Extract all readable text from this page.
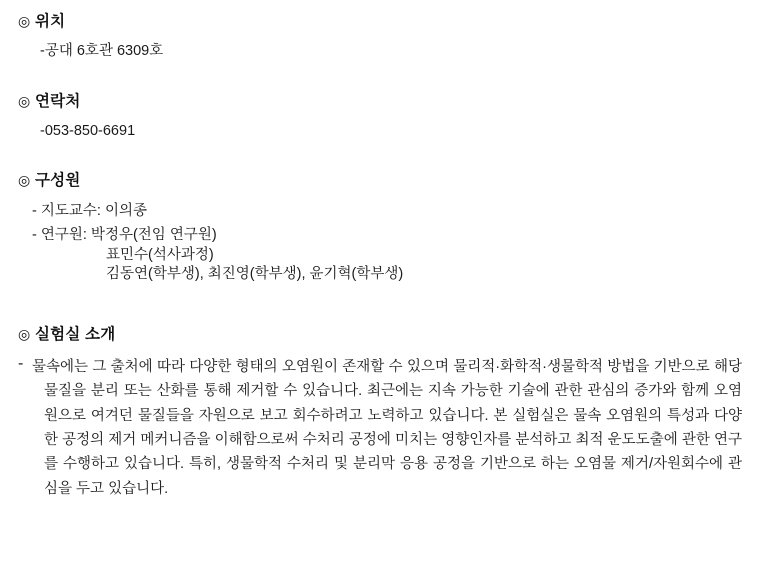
◎ 위치
-공대 6호관 6309호
◎ 연락처
-053-850-6691
◎ 구성원
- 지도교수: 이의종
- 연구원: 박정우(전임 연구원)
표민수(석사과정)
김동연(학부생), 최진영(학부생), 윤기혁(학부생)
◎ 실험실 소개
- 물속에는 그 출처에 따라 다양한 형태의 오염원이 존재할 수 있으며 물리적·화학적·생물학적 방법을 기반으로 해당 물질을 분리 또는 산화를 통해 제거할 수 있습니다. 최근에는 지속 가능한 기술에 관한 관심의 증가와 함께 오염원으로 여겨던 물질들을 자원으로 보고 회수하려고 노력하고 있습니다. 본 실험실은 물속 오염원의 특성과 다양한 공정의 제거 메커니즘을 이해함으로써 수처리 공정에 미치는 영향인자를 분석하고 최적 운도도출에 관한 연구를 수행하고 있습니다. 특히, 생물학적 수처리 및 분리막 응용 공정을 기반으로 하는 오염물 제거/자원회수에 관심을 두고 있습니다.
